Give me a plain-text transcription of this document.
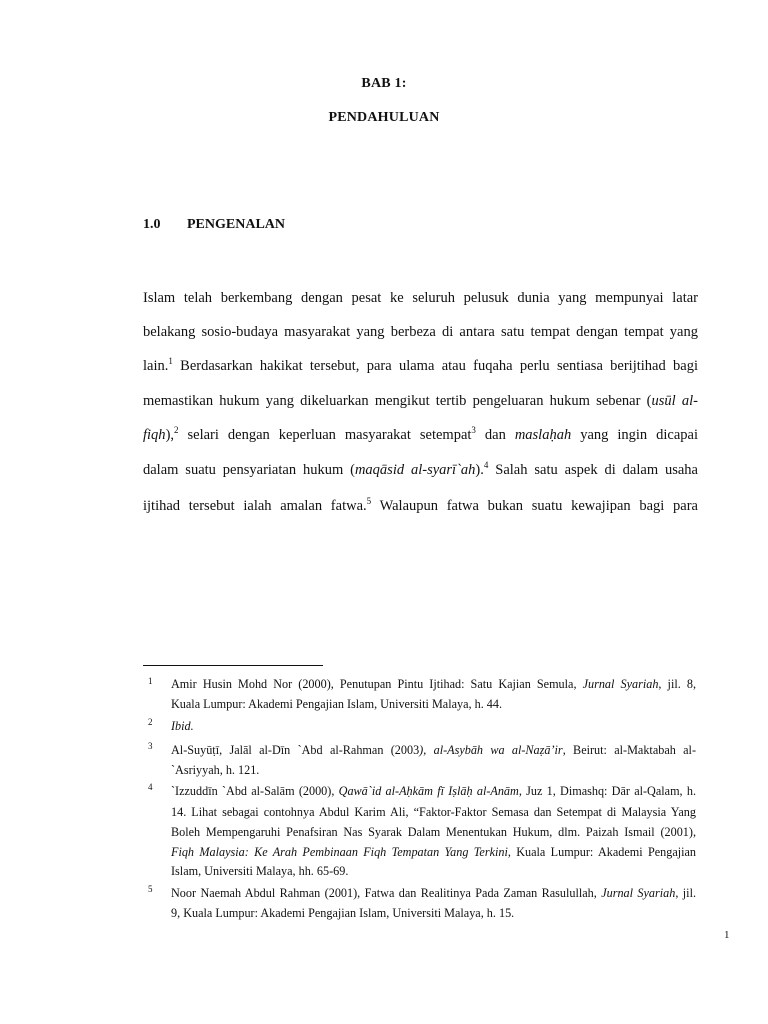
BAB 1:
PENDAHULUAN
1.0 PENGENALAN
Islam telah berkembang dengan pesat ke seluruh pelusuk dunia yang mempunyai latar
belakang sosio-budaya masyarakat yang berbeza di antara satu tempat dengan tempat yang
lain.$^1$ Berdasarkan hakikat tersebut, para ulama atau fuqaha perlu sentiasa berijtihad bagi
memastikan hukum yang dikeluarkan mengikut tertib pengeluaran hukum sebenar (usūl al-
fiqh),$^2$ selari dengan keperluan masyarakat setempat$^3$ dan maslaḥah yang ingin dicapai
dalam suatu pensyariatan hukum (maqāsid al-syarī`ah).$^4$ Salah satu aspek di dalam usaha
ijtihad tersebut ialah amalan fatwa.$^5$ Walaupun fatwa bukan suatu kewajipan bagi para
1 Amir Husin Mohd Nor (2000), Penutupan Pintu Ijtihad: Satu Kajian Semula, Jurnal Syariah, jil. 8,
Kuala Lumpur: Akademi Pengajian Islam, Universiti Malaya, h. 44.
2 Ibid.
3 Al-Suyūṭī, Jalāl al-Dīn `Abd al-Rahman (2003), al-Asybāh wa al-Naẓā’ir, Beirut: al-Maktabah al-
`Asriyyah, h. 121.
4 `Izzuddīn `Abd al-Salām (2000), Qawā`id al-Aḥkām fī Iṣlāḥ al-Anām, Juz 1, Dimashq: Dār al-Qalam, h.
14. Lihat sebagai contohnya Abdul Karim Ali, “Faktor-Faktor Semasa dan Setempat di Malaysia Yang
Boleh Mempengaruhi Penafsiran Nas Syarak Dalam Menentukan Hukum, dlm. Paizah Ismail (2001),
Fiqh Malaysia: Ke Arah Pembinaan Fiqh Tempatan Yang Terkini, Kuala Lumpur: Akademi Pengajian
Islam, Universiti Malaya, hh. 65-69.
5 Noor Naemah Abdul Rahman (2001), Fatwa dan Realitinya Pada Zaman Rasulullah, Jurnal Syariah, jil.
9, Kuala Lumpur: Akademi Pengajian Islam, Universiti Malaya, h. 15.
1
